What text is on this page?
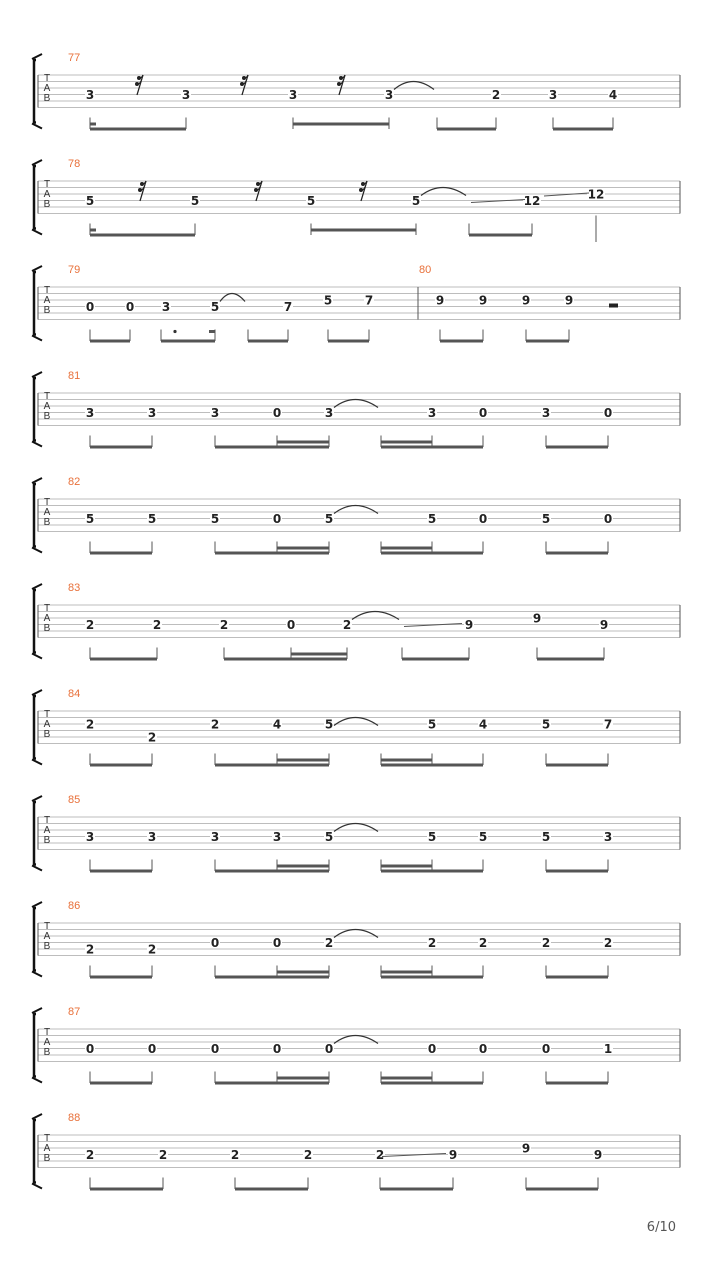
T
A
B
77
3	3	3	3	2	3	4
T
A
B
78
5	5	5	5	12	12
T
A
B
79
0	0 3	5	7	5	7
80
9	9	9	9
T
A
B
81
3	3	3	0	3	3	0	3	0
T
A
B
82
5	5	5	0	5	5	0	5	0
T
A
B
83
2	2	2	0	2	9	9	9
T
A
B
84
2
2
2	4	5	5	4	5	7
T
A
B
85
3	3	3	3	5	5	5	5	3
T
A
B
86
2	2	0	0	2	2	2	2	2
T
A
B
87
0	0	0	0	0	0	0	0	1
T
A
B
88
2	2	2	2	2	9	9	9
6/10
